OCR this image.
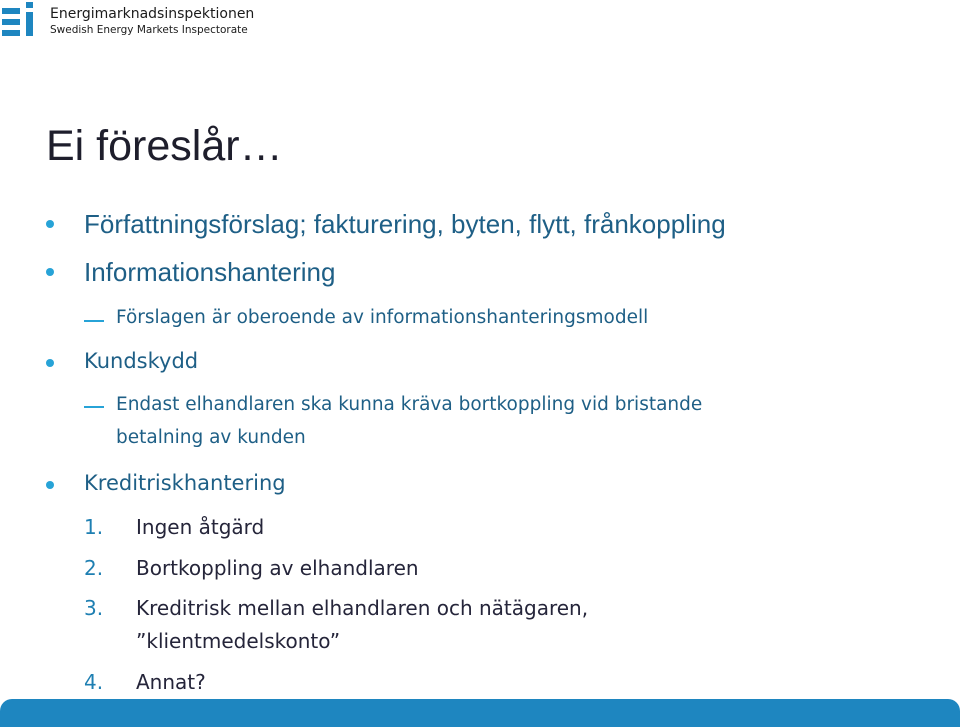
Energimarknadsinspektionen
Swedish Energy Markets Inspectorate
Ei föreslår…
Författningsförslag; fakturering, byten, flytt, frånkoppling
Informationshantering
Förslagen är oberoende av informationshanteringsmodell
Kundskydd
Endast elhandlaren ska kunna kräva bortkoppling vid bristande
betalning av kunden
Kreditriskhantering
1. Ingen åtgärd
2. Bortkoppling av elhandlaren
3. Kreditrisk mellan elhandlaren och nätägaren,
”klientmedelskonto”
4. Annat?
